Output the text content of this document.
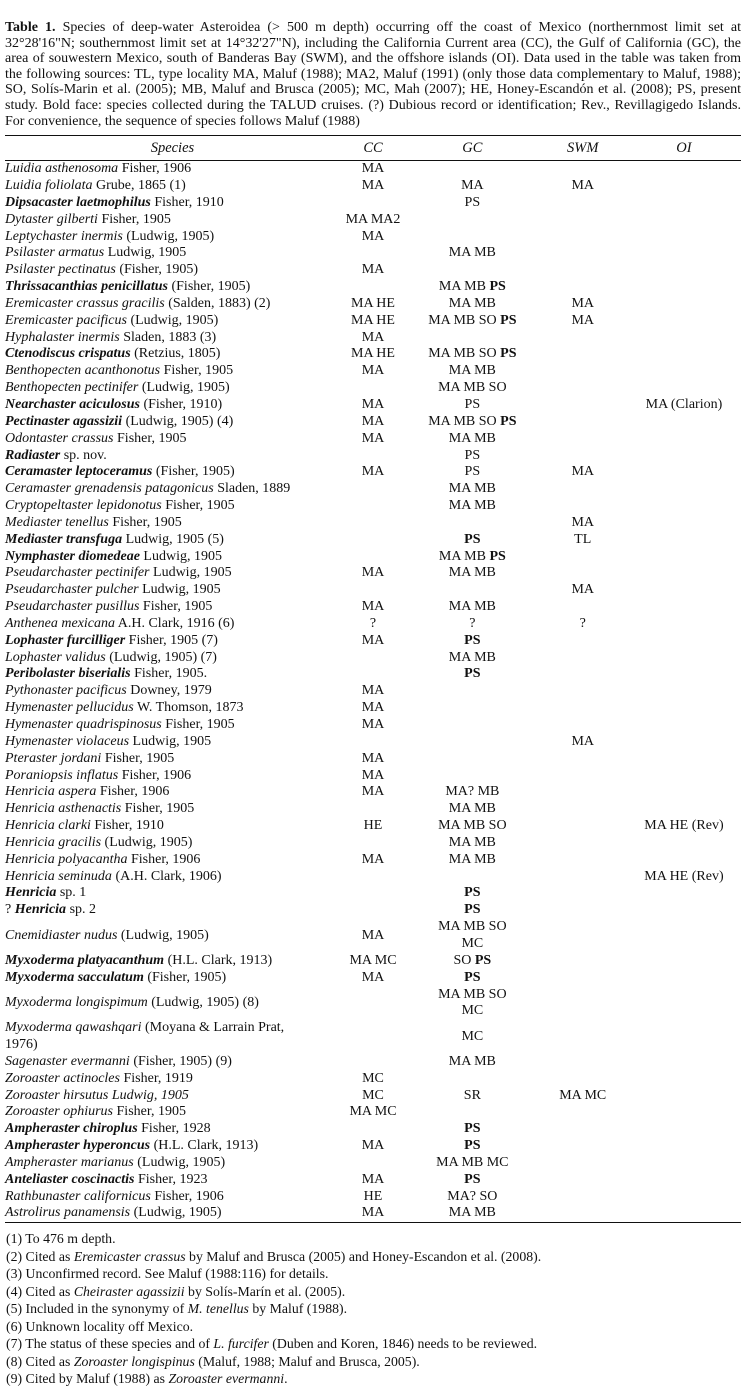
Table 1. Species of deep-water Asteroidea (> 500 m depth) occurring off the coast of Mexico (northernmost limit set at 32°28'16"N; southernmost limit set at 14°32'27"N), including the California Current area (CC), the Gulf of California (GC), the area of souwestern Mexico, south of Banderas Bay (SWM), and the offshore islands (OI). Data used in the table was taken from the following sources: TL, type locality MA, Maluf (1988); MA2, Maluf (1991) (only those data complementary to Maluf, 1988); SO, Solís-Marin et al. (2005); MB, Maluf and Brusca (2005); MC, Mah (2007); HE, Honey-Escandón et al. (2008); PS, present study. Bold face: species collected during the TALUD cruises. (?) Dubious record or identification; Rev., Revillagigedo Islands. For convenience, the sequence of species follows Maluf (1988)

Species	CC	GC	SWM	OI
Luidia asthenosoma Fisher, 1906	MA			
Luidia foliolata Grube, 1865 (1)	MA	MA	MA	
Dipsacaster laetmophilus Fisher, 1910		PS		
Dytaster gilberti Fisher, 1905	MA MA2			
Leptychaster inermis (Ludwig, 1905)	MA			
Psilaster armatus Ludwig, 1905		MA MB		
Psilaster pectinatus (Fisher, 1905)	MA			
Thrissacanthias penicillatus (Fisher, 1905)		MA MB PS		
Eremicaster crassus gracilis (Salden, 1883) (2)	MA HE	MA MB	MA	
Eremicaster pacificus (Ludwig, 1905)	MA HE	MA MB SO PS	MA	
Hyphalaster inermis Sladen, 1883 (3)	MA			
Ctenodiscus crispatus (Retzius, 1805)	MA HE	MA MB SO PS		
Benthopecten acanthonotus Fisher, 1905	MA	MA MB		
Benthopecten pectinifer (Ludwig, 1905)		MA MB SO		
Nearchaster aciculosus (Fisher, 1910)	MA	PS		MA (Clarion)
Pectinaster agassizii (Ludwig, 1905) (4)	MA	MA MB SO PS		
Odontaster crassus Fisher, 1905	MA	MA MB		
Radiaster sp. nov.		PS		
Ceramaster leptoceramus (Fisher, 1905)	MA	PS	MA	
Ceramaster grenadensis patagonicus Sladen, 1889		MA MB		
Cryptopeltaster lepidonotus Fisher, 1905		MA MB		
Mediaster tenellus Fisher, 1905			MA	
Mediaster transfuga Ludwig, 1905 (5)		PS	TL	
Nymphaster diomedeae Ludwig, 1905		MA MB PS		
Pseudarchaster pectinifer Ludwig, 1905	MA	MA MB		
Pseudarchaster pulcher Ludwig, 1905			MA	
Pseudarchaster pusillus Fisher, 1905	MA	MA MB		
Anthenea mexicana A.H. Clark, 1916 (6)	?	?	?	
Lophaster furcilliger Fisher, 1905 (7)	MA	PS		
Lophaster validus (Ludwig, 1905) (7)		MA MB		
Peribolaster biserialis Fisher, 1905.		PS		
Pythonaster pacificus Downey, 1979	MA			
Hymenaster pellucidus W. Thomson, 1873	MA			
Hymenaster quadrispinosus Fisher, 1905	MA			
Hymenaster violaceus Ludwig, 1905			MA	
Pteraster jordani Fisher, 1905	MA			
Poraniopsis inflatus Fisher, 1906	MA			
Henricia aspera Fisher, 1906	MA	MA? MB		
Henricia asthenactis Fisher, 1905		MA MB		
Henricia clarki Fisher, 1910	HE	MA MB SO		MA HE (Rev)
Henricia gracilis (Ludwig, 1905)		MA MB		
Henricia polyacantha Fisher, 1906	MA	MA MB		
Henricia seminuda (A.H. Clark, 1906)				MA HE (Rev)
Henricia sp. 1		PS		
? Henricia sp. 2		PS		
Cnemidiaster nudus (Ludwig, 1905)	MA	MA MB SO
MC		
Myxoderma platyacanthum (H.L. Clark, 1913)	MA MC	SO PS		
Myxoderma sacculatum (Fisher, 1905)	MA	PS		
Myxoderma longispimum (Ludwig, 1905) (8)		MA MB SO
MC		
Myxoderma qawashqari (Moyana & Larrain Prat,
1976)		MC		
Sagenaster evermanni (Fisher, 1905) (9)		MA MB		
Zoroaster actinocles Fisher, 1919	MC			
Zoroaster hirsutus Ludwig, 1905	MC	SR	MA MC	
Zoroaster ophiurus Fisher, 1905	MA MC			
Ampheraster chiroplus Fisher, 1928		PS		
Ampheraster hyperoncus (H.L. Clark, 1913)	MA	PS		
Ampheraster marianus (Ludwig, 1905)		MA MB MC		
Anteliaster coscinactis Fisher, 1923	MA	PS		
Rathbunaster californicus Fisher, 1906	HE	MA? SO		
Astrolirus panamensis (Ludwig, 1905)	MA	MA MB		
(1) To 476 m depth.
(2) Cited as Eremicaster crassus by Maluf and Brusca (2005) and Honey-Escandon et al. (2008).
(3) Unconfirmed record. See Maluf (1988:116) for details.
(4) Cited as Cheiraster agassizii by Solís-Marín et al. (2005).
(5) Included in the synonymy of M. tenellus by Maluf (1988).
(6) Unknown locality off Mexico.
(7) The status of these species and of L. furcifer (Duben and Koren, 1846) needs to be reviewed.
(8) Cited as Zoroaster longispinus (Maluf, 1988; Maluf and Brusca, 2005).
(9) Cited by Maluf (1988) as Zoroaster evermanni.
